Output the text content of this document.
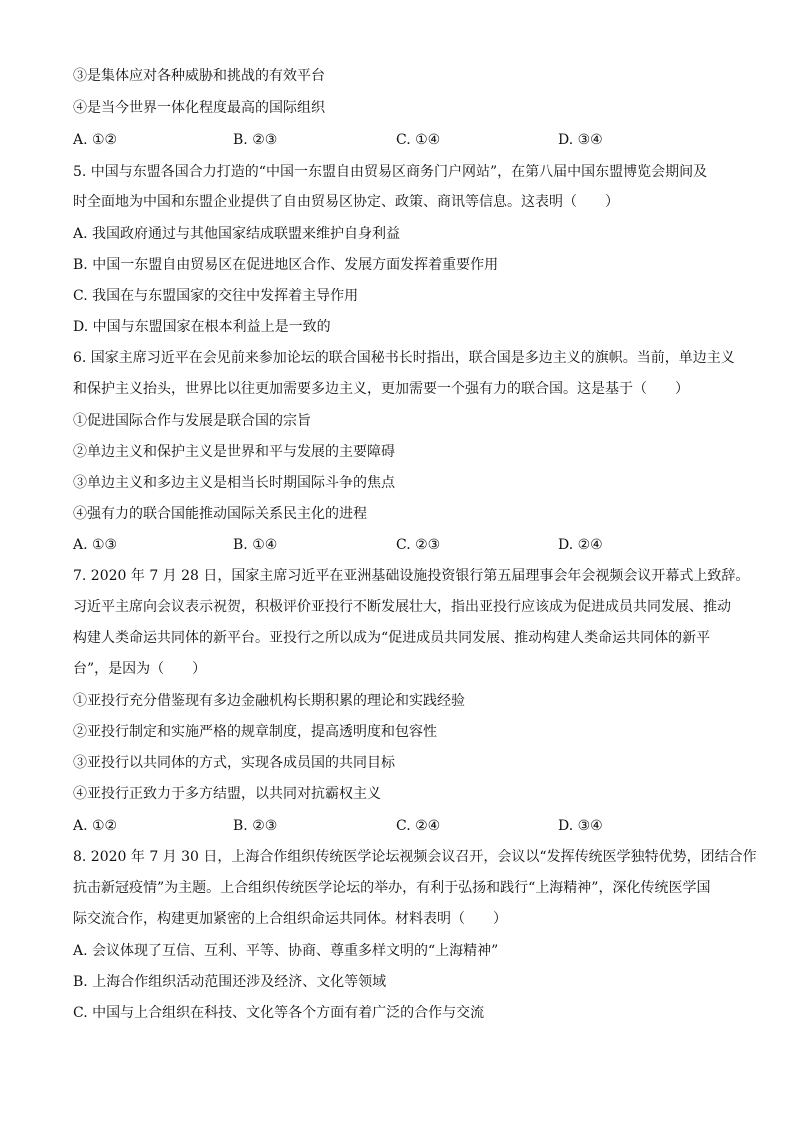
③是集体应对各种威胁和挑战的有效平台
④是当今世界一体化程度最高的国际组织
A. ①②	B. ②③	C. ①④	D. ③④
5. 中国与东盟各国合力打造的“中国一东盟自由贸易区商务门户网站”，在第八届中国东盟博览会期间及
时全面地为中国和东盟企业提供了自由贸易区协定、政策、商讯等信息。这表明（　　）
A. 我国政府通过与其他国家结成联盟来维护自身利益
B. 中国一东盟自由贸易区在促进地区合作、发展方面发挥着重要作用
C. 我国在与东盟国家的交往中发挥着主导作用
D. 中国与东盟国家在根本利益上是一致的
6. 国家主席习近平在会见前来参加论坛的联合国秘书长时指出，联合国是多边主义的旗帜。当前，单边主义
和保护主义抬头，世界比以往更加需要多边主义，更加需要一个强有力的联合国。这是基于（　　）
①促进国际合作与发展是联合国的宗旨
②单边主义和保护主义是世界和平与发展的主要障碍
③单边主义和多边主义是相当长时期国际斗争的焦点
④强有力的联合国能推动国际关系民主化的进程
A. ①③	B. ①④	C. ②③	D. ②④
7. 2020 年 7 月 28 日，国家主席习近平在亚洲基础设施投资银行第五届理事会年会视频会议开幕式上致辞。
习近平主席向会议表示祝贺，积极评价亚投行不断发展壮大，指出亚投行应该成为促进成员共同发展、推动
构建人类命运共同体的新平台。亚投行之所以成为“促进成员共同发展、推动构建人类命运共同体的新平
台”，是因为（　　）
①亚投行充分借鉴现有多边金融机构长期积累的理论和实践经验
②亚投行制定和实施严格的规章制度，提高透明度和包容性
③亚投行以共同体的方式，实现各成员国的共同目标
④亚投行正致力于多方结盟，以共同对抗霸权主义
A. ①②	B. ②③	C. ②④	D. ③④
8. 2020 年 7 月 30 日，上海合作组织传统医学论坛视频会议召开，会议以“发挥传统医学独特优势，团结合作
抗击新冠疫情”为主题。上合组织传统医学论坛的举办，有利于弘扬和践行“上海精神”，深化传统医学国
际交流合作，构建更加紧密的上合组织命运共同体。材料表明（　　）
A. 会议体现了互信、互利、平等、协商、尊重多样文明的“上海精神”
B. 上海合作组织活动范围还涉及经济、文化等领域
C. 中国与上合组织在科技、文化等各个方面有着广泛的合作与交流
